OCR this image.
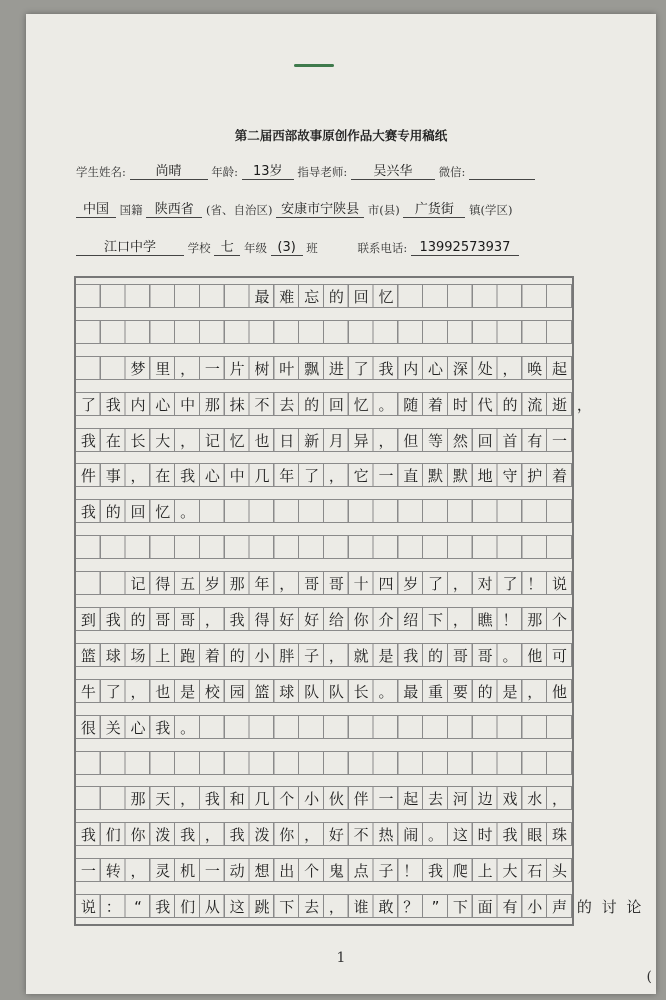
第二届西部故事原创作品大赛专用稿纸
学生姓名: 尚晴	年龄: 13岁 指导老师: 吴兴华 微信:
中国 国籍 陕西省 (省、自治区) 安康市宁陕县 市(县) 广货街 镇(学区)
江口中学	学校 七 年级 (3) 班	联系电话: 13992573937
最 难 忘 的 回 忆
梦 里 ， 一 片 树 叶 飘 进 了 我 内 心 深 处 ， 唤 起
了 我 内 心 中 那 抹 不 去 的 回 忆 。 随 着 时 代 的 流 逝 ，
我 在 长 大 ， 记 忆 也 日 新 月 异 ， 但 等 然 回 首 有 一
件 事 ， 在 我 心 中 几 年 了 ， 它 一 直 默 默 地 守 护 着
我 的 回 忆 。
记 得 五 岁 那 年 ， 哥 哥 十 四 岁 了 ， 对 了 ！ 说
到 我 的 哥 哥 ， 我 得 好 好 给 你 介 绍 下 ， 瞧 ！ 那 个
篮 球 场 上 跑 着 的 小 胖 子 ， 就 是 我 的 哥 哥 。 他 可
牛 了 ， 也 是 校 园 篮 球 队 队 长 。 最 重 要 的 是 ， 他
很 关 心 我 。
那 天 ， 我 和 几 个 小 伙 伴 一 起 去 河 边 戏 水 ，
我 们 你 泼 我 ， 我 泼 你 ， 好 不 热 闹 。 这 时 我 眼 珠
一 转 ， 灵 机 一 动 想 出 个 鬼 点 子 ！ 我 爬 上 大 石 头
说 ： “ 我 们 从 这 跳 下 去 ， 谁 敢 ？ ” 下 面 有 小 声 的 讨 论
1
(
